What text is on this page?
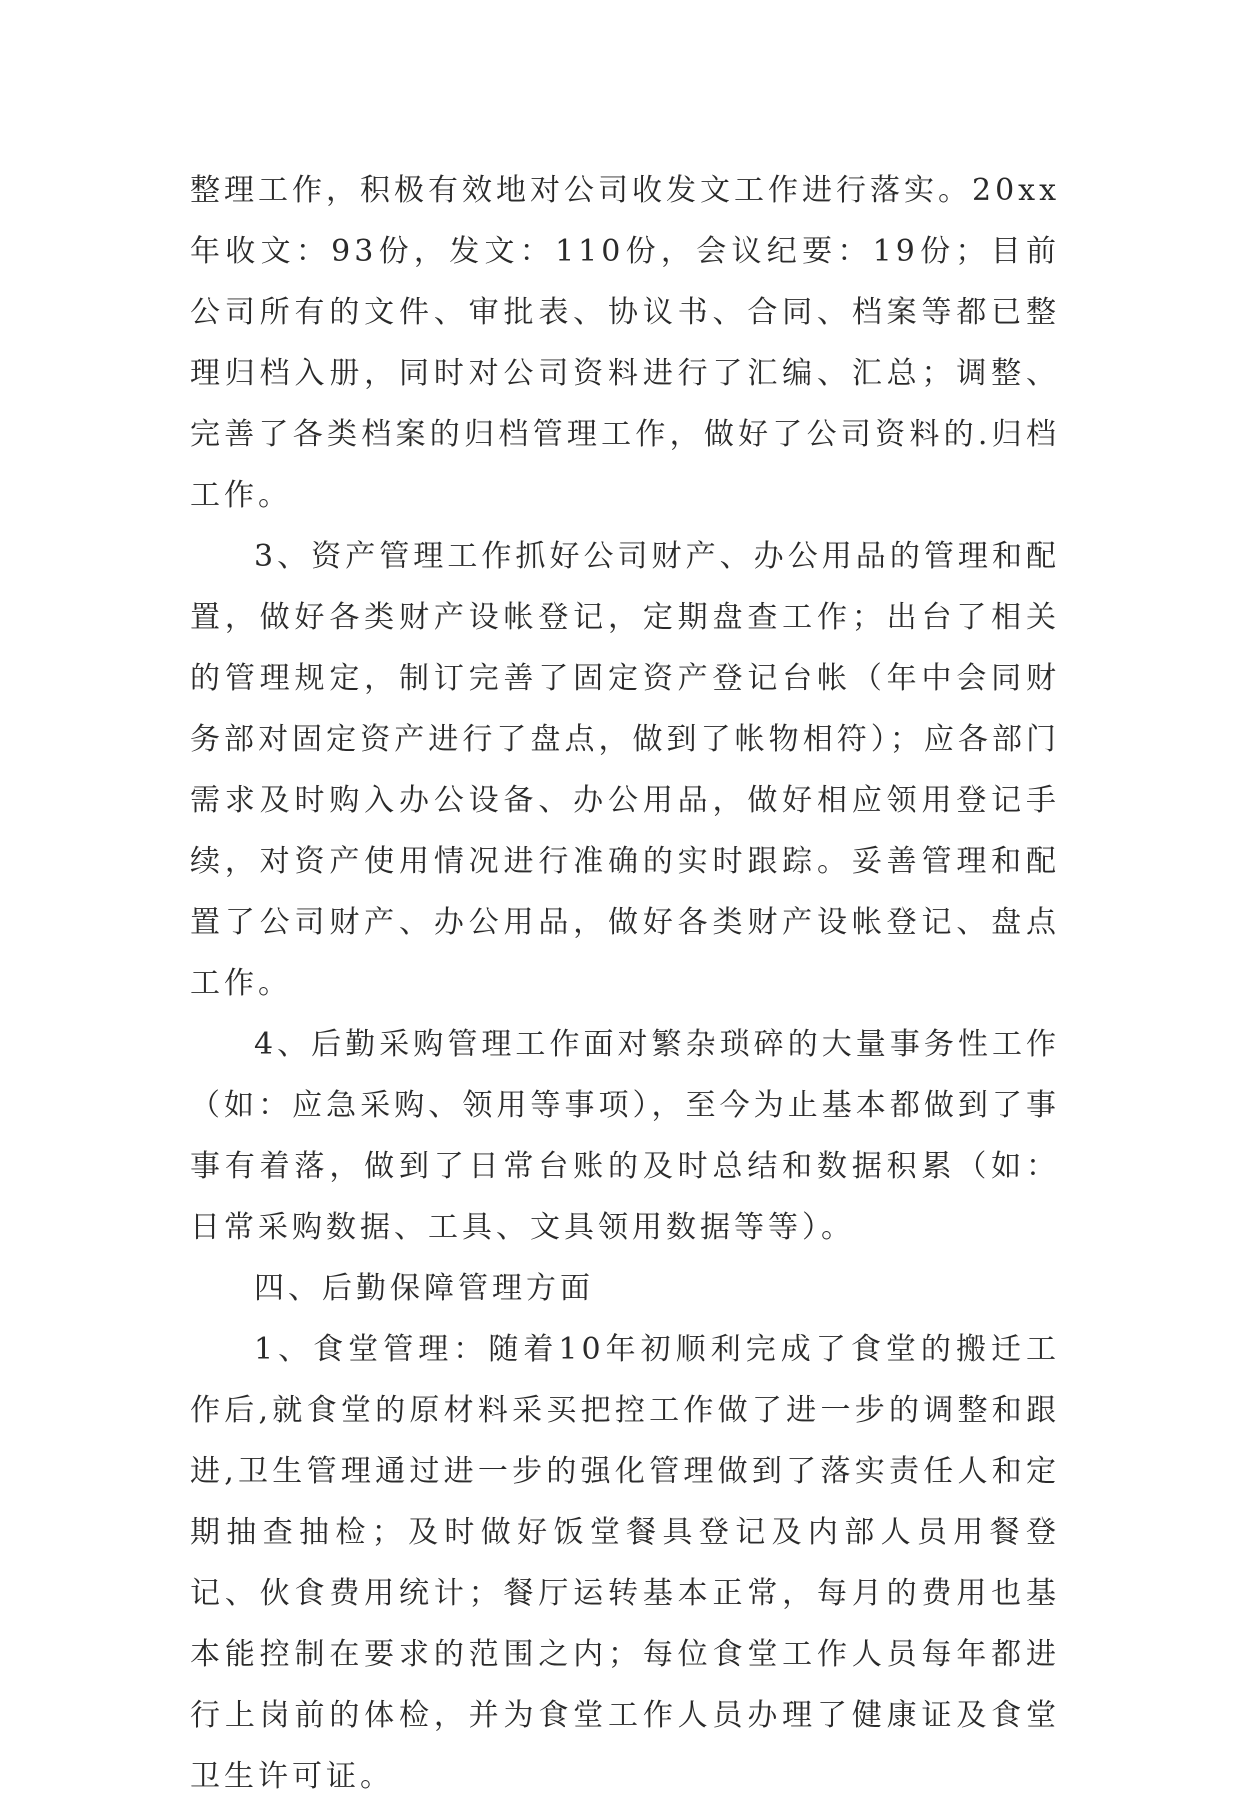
整理工作，积极有效地对公司收发文工作进行落实。20xx年收文：93份，发文：110份，会议纪要：19份；目前公司所有的文件、审批表、协议书、合同、档案等都已整理归档入册，同时对公司资料进行了汇编、汇总；调整、完善了各类档案的归档管理工作，做好了公司资料的.归档工作。

3、资产管理工作抓好公司财产、办公用品的管理和配置，做好各类财产设帐登记，定期盘查工作；出台了相关的管理规定，制订完善了固定资产登记台帐（年中会同财务部对固定资产进行了盘点，做到了帐物相符）；应各部门需求及时购入办公设备、办公用品，做好相应领用登记手续，对资产使用情况进行准确的实时跟踪。妥善管理和配置了公司财产、办公用品，做好各类财产设帐登记、盘点工作。

4、后勤采购管理工作面对繁杂琐碎的大量事务性工作（如：应急采购、领用等事项），至今为止基本都做到了事事有着落，做到了日常台账的及时总结和数据积累（如：日常采购数据、工具、文具领用数据等等）。

四、后勤保障管理方面

1、食堂管理：随着10年初顺利完成了食堂的搬迁工作后,就食堂的原材料采买把控工作做了进一步的调整和跟进,卫生管理通过进一步的强化管理做到了落实责任人和定期抽查抽检；及时做好饭堂餐具登记及内部人员用餐登记、伙食费用统计；餐厅运转基本正常，每月的费用也基本能控制在要求的范围之内；每位食堂工作人员每年都进行上岗前的体检，并为食堂工作人员办理了健康证及食堂卫生许可证。
